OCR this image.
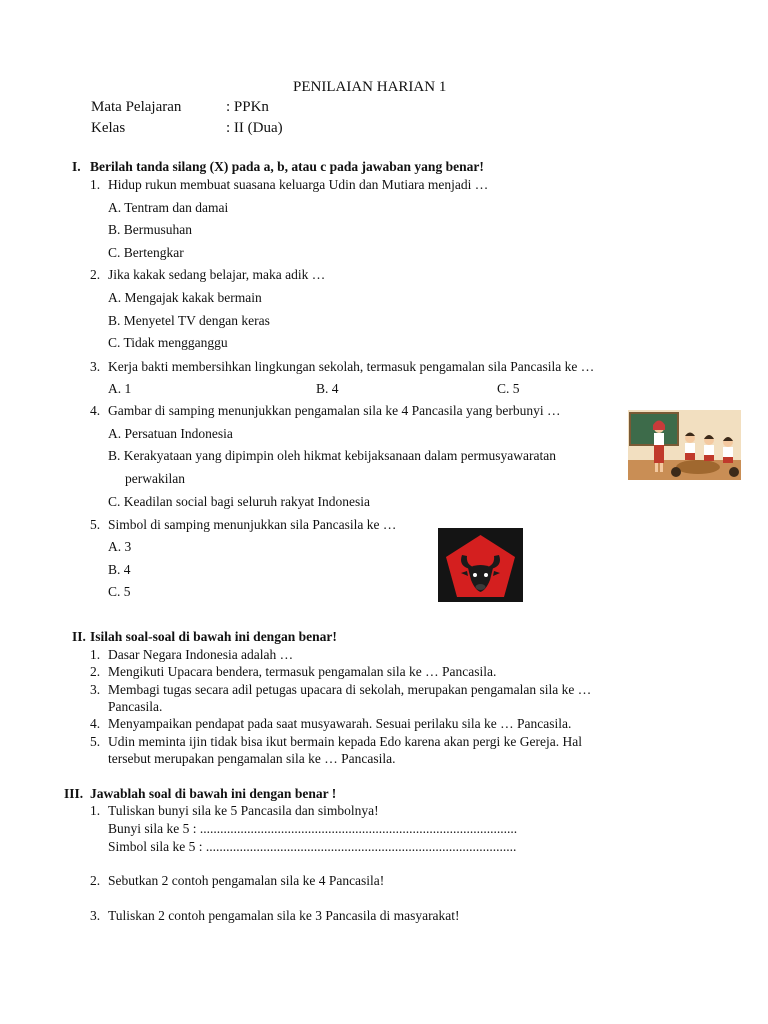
PENILAIAN HARIAN 1
Mata Pelajaran	: PPKn
Kelas	: II (Dua)
I. Berilah tanda silang (X) pada a, b, atau c pada jawaban yang benar!
1. Hidup rukun membuat suasana keluarga Udin dan Mutiara menjadi …
A. Tentram dan damai
B. Bermusuhan
C. Bertengkar
2. Jika kakak sedang belajar, maka adik …
A. Mengajak kakak bermain
B. Menyetel TV dengan keras
C. Tidak mengganggu
3. Kerja bakti membersihkan lingkungan sekolah, termasuk pengamalan sila Pancasila ke …
A. 1	B. 4	C. 5
4. Gambar di samping menunjukkan pengamalan sila ke 4 Pancasila yang berbunyi …
A. Persatuan Indonesia
B. Kerakyataan yang dipimpin oleh hikmat kebijaksanaan dalam permusyawaratan
perwakilan
C. Keadilan social bagi seluruh rakyat Indonesia
5. Simbol di samping menunjukkan sila Pancasila ke …
A. 3
B. 4
C. 5
II. Isilah soal-soal di bawah ini dengan benar!
1. Dasar Negara Indonesia adalah …
2. Mengikuti Upacara bendera, termasuk pengamalan sila ke … Pancasila.
3. Membagi tugas secara adil petugas upacara di sekolah, merupakan pengamalan sila ke …
Pancasila.
4. Menyampaikan pendapat pada saat musyawarah. Sesuai perilaku sila ke … Pancasila.
5. Udin meminta ijin tidak bisa ikut bermain kepada Edo karena akan pergi ke Gereja. Hal
tersebut merupakan pengamalan sila ke … Pancasila.
III. Jawablah soal di bawah ini dengan benar !
1. Tuliskan bunyi sila ke 5 Pancasila dan simbolnya!
Bunyi sila ke 5 : ..............................................................................................
Simbol sila ke 5 : ............................................................................................
2. Sebutkan 2 contoh pengamalan sila ke 4 Pancasila!
3. Tuliskan 2 contoh pengamalan sila ke 3 Pancasila di masyarakat!
